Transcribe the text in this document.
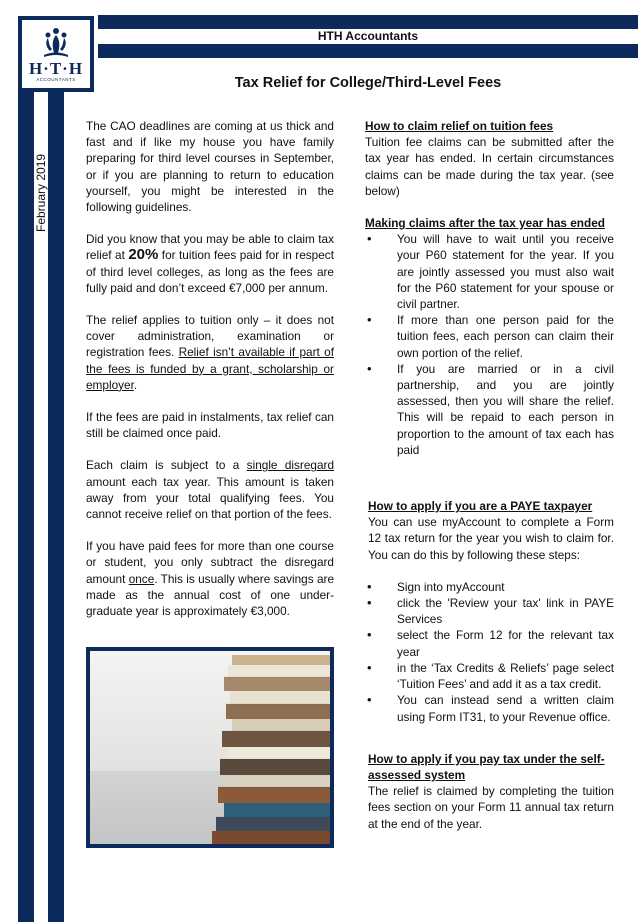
H·T·H
ACCOUNTANTS
HTH Accountants
Tax Relief for College/Third-Level Fees
February 2019

The CAO deadlines are coming at us thick and fast and if like my house you have family preparing for third level courses in September, or if you are planning to return to education yourself, you might be interested in the following guidelines.

Did you know that you may be able to claim tax relief at 20% for tuition fees paid for in respect of third level colleges, as long as the fees are fully paid and don’t exceed €7,000 per annum.

The relief applies to tuition only – it does not cover administration, examination or registration fees. Relief isn’t available if part of the fees is funded by a grant, scholarship or employer.

If the fees are paid in instalments, tax relief can still be claimed once paid.

Each claim is subject to a single disregard amount each tax year. This amount is taken away from your total qualifying fees. You cannot receive relief on that portion of the fees.

If you have paid fees for more than one course or student, you only subtract the disregard amount once. This is usually where savings are made as the annual cost of one under-graduate year is approximately €3,000.

How to claim relief on tuition fees

Tuition fee claims can be submitted after the tax year has ended. In certain circumstances claims can be made during the tax year. (see below)

Making claims after the tax year has ended

• You will have to wait until you receive your P60 statement for the year. If you are jointly assessed you must also wait for the P60 statement for your spouse or civil partner.
• If more than one person paid for the tuition fees, each person can claim their own portion of the relief.
• If you are married or in a civil partnership, and you are jointly assessed, then you will share the relief. This will be repaid to each person in proportion to the amount of tax each has paid

How to apply if you are a PAYE taxpayer

You can use myAccount to complete a Form 12 tax return for the year you wish to claim for. You can do this by following these steps:

• Sign into myAccount
• click the 'Review your tax' link in PAYE Services
• select the Form 12 for the relevant tax year
• in the ‘Tax Credits & Reliefs’ page select ‘Tuition Fees’ and add it as a tax credit.
• You can instead send a written claim using Form IT31, to your Revenue office.

How to apply if you pay tax under the self-assessed system

The relief is claimed by completing the tuition fees section on your Form 11 annual tax return at the end of the year.
